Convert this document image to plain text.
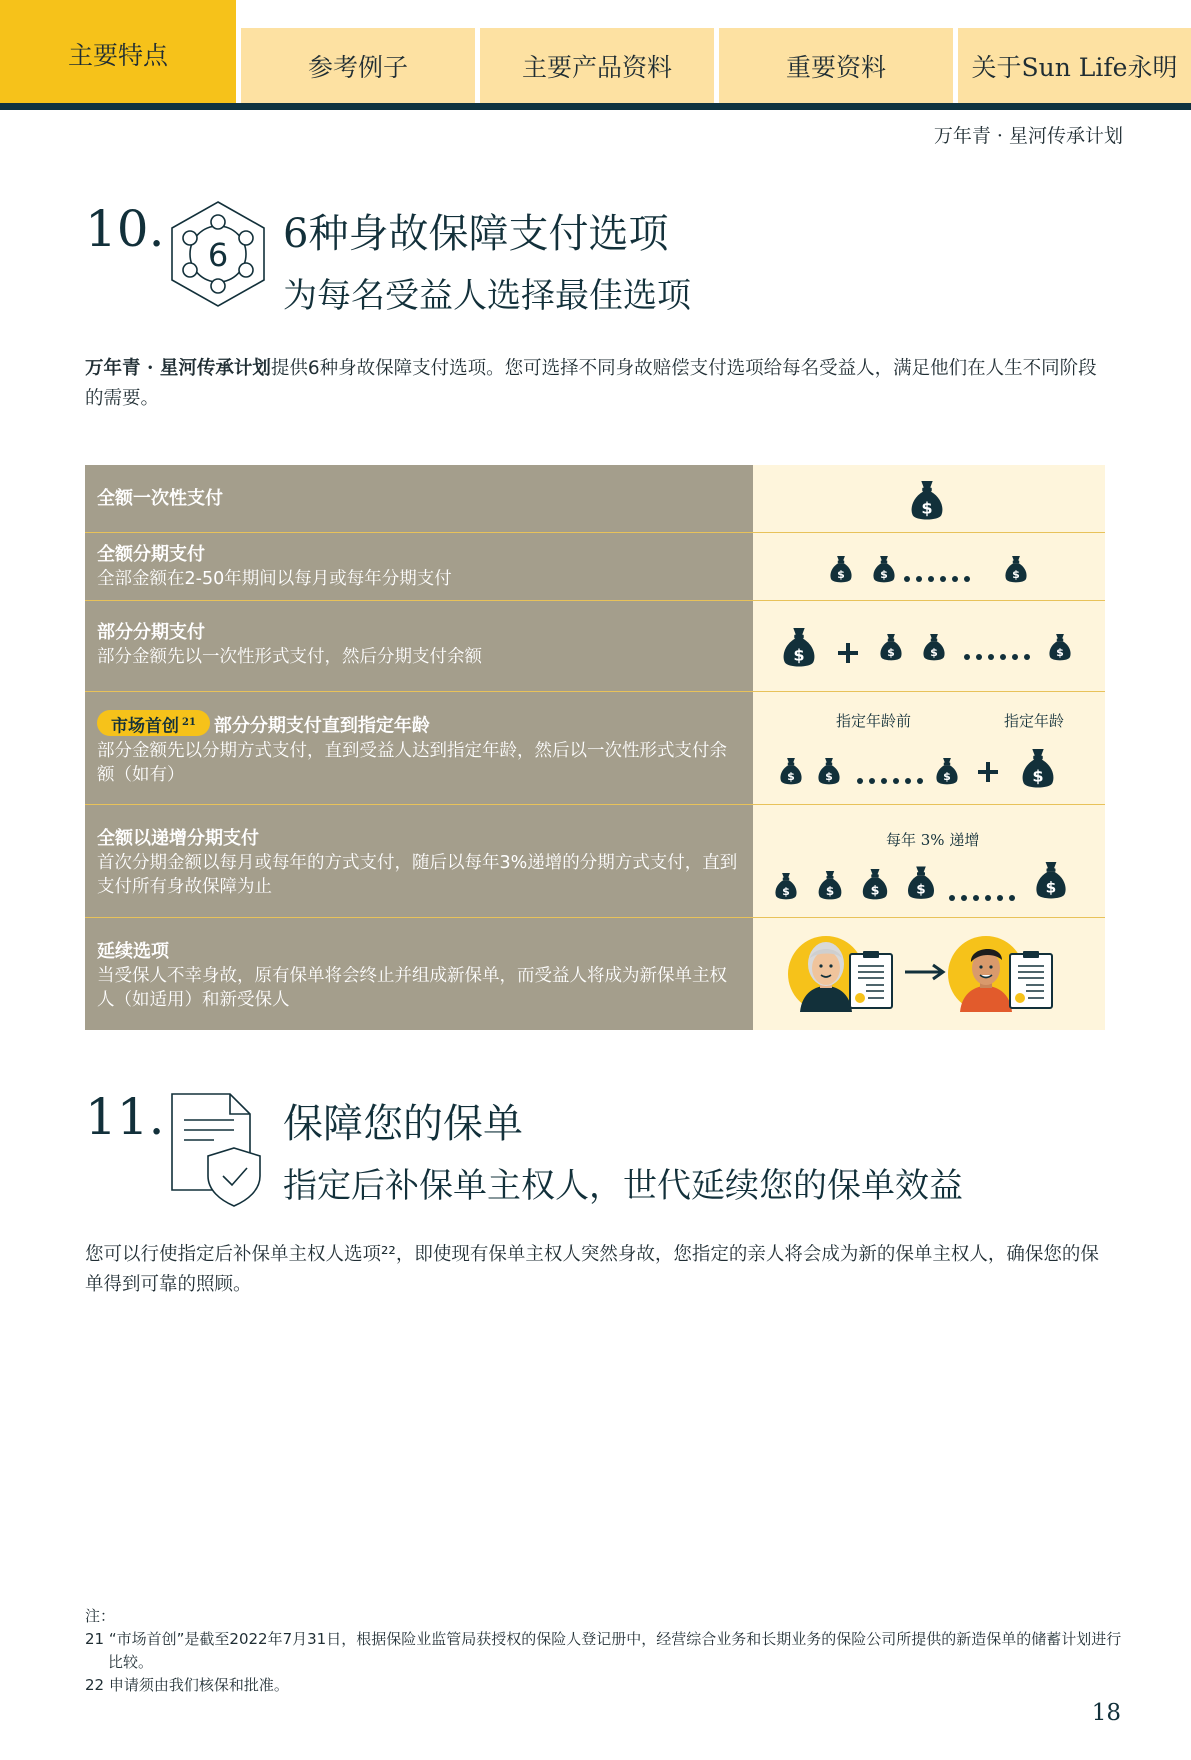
主要特点	参考例子	主要产品资料	重要资料	关于Sun Life永明
万年青 · 星河传承计划
10. 6 6种身故保障支付选项
为每名受益人选择最佳选项
万年青 · 星河传承计划提供6种身故保障支付选项。您可选择不同身故赔偿支付选项给每名受益人，满足他们在人生不同阶段的需要。
全额一次性支付
全额分期支付
全部金额在2-50年期间以每月或每年分期支付
部分分期支付
部分金额先以一次性形式支付，然后分期支付余额
市场首创 $^{21}$ 部分分期支付直到指定年龄
部分金额先以分期方式支付，直到受益人达到指定年龄，然后以一次性形式支付余额（如有）
指定年龄前	指定年龄
全额以递增分期支付
首次分期金额以每月或每年的方式支付，随后以每年3%递增的分期方式支付，直到支付所有身故保障为止
每年 3% 递增
延续选项
当受保人不幸身故，原有保单将会终止并组成新保单，而受益人将成为新保单主权人（如适用）和新受保人
11.	保障您的保单
指定后补保单主权人，世代延续您的保单效益
您可以行使指定后补保单主权人选项²²，即使现有保单主权人突然身故，您指定的亲人将会成为新的保单主权人，确保您的保单得到可靠的照顾。
注：
21 “市场首创”是截至2022年7月31日，根据保险业监管局获授权的保险人登记册中，经营综合业务和长期业务的保险公司所提供的新造保单的储蓄计划进行比较。
22 申请须由我们核保和批准。
18
